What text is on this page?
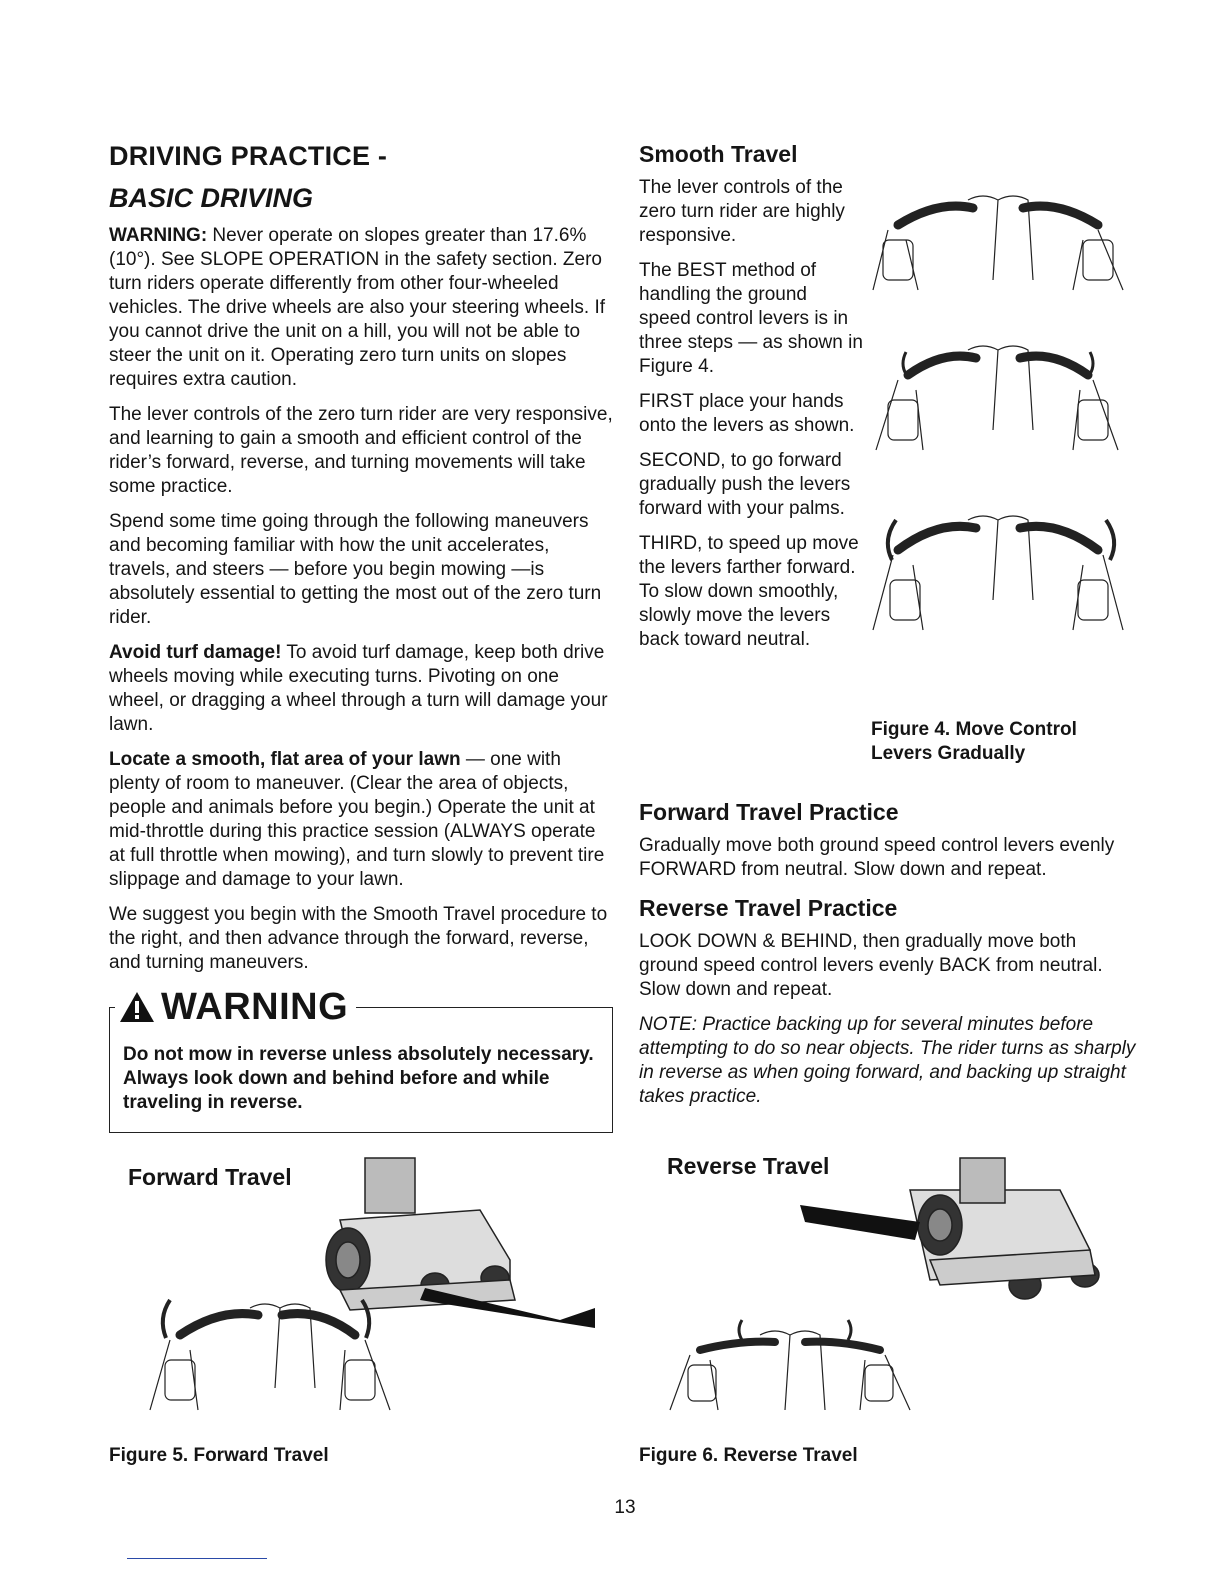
DRIVING PRACTICE -
BASIC DRIVING

WARNING: Never operate on slopes greater than 17.6% (10°). See SLOPE OPERATION in the safety section. Zero turn riders operate differently from other four-wheeled vehicles. The drive wheels are also your steering wheels. If you cannot drive the unit on a hill, you will not be able to steer the unit on it. Operating zero turn units on slopes requires extra caution.

The lever controls of the zero turn rider are very responsive, and learning to gain a smooth and efficient control of the rider’s forward, reverse, and turning movements will take some practice.

Spend some time going through the following maneuvers and becoming familiar with how the unit accelerates, travels, and steers — before you begin mowing —is absolutely essential to getting the most out of the zero turn rider.

Avoid turf damage! To avoid turf damage, keep both drive wheels moving while executing turns. Pivoting on one wheel, or dragging a wheel through a turn will damage your lawn.

Locate a smooth, flat area of your lawn — one with plenty of room to maneuver. (Clear the area of objects, people and animals before you begin.) Operate the unit at mid-throttle during this practice session (ALWAYS operate at full throttle when mowing), and turn slowly to prevent tire slippage and damage to your lawn.

We suggest you begin with the Smooth Travel procedure to the right, and then advance through the forward, reverse, and turning maneuvers.

WARNING

Do not mow in reverse unless absolutely necessary. Always look down and behind before and while traveling in reverse.

Smooth Travel

The lever controls of the zero turn rider are highly responsive.

The BEST method of handling the ground speed control levers is in three steps — as shown in Figure 4.

FIRST place your hands onto the levers as shown.

SECOND, to go forward gradually push the levers forward with your palms.

THIRD, to speed up move the levers farther forward. To slow down smoothly, slowly move the levers back toward neutral.

Figure 4. Move Control Levers Gradually
Forward Travel Practice

Gradually move both ground speed control levers evenly FORWARD from neutral. Slow down and repeat.

Reverse Travel Practice

LOOK DOWN & BEHIND, then gradually move both ground speed control levers evenly BACK from neutral. Slow down and repeat.

NOTE: Practice backing up for several minutes before attempting to do so near objects. The rider turns as sharply in reverse as when going forward, and backing up straight takes practice.

Forward Travel
Figure 5. Forward Travel
Reverse Travel
Figure 6. Reverse Travel
13
